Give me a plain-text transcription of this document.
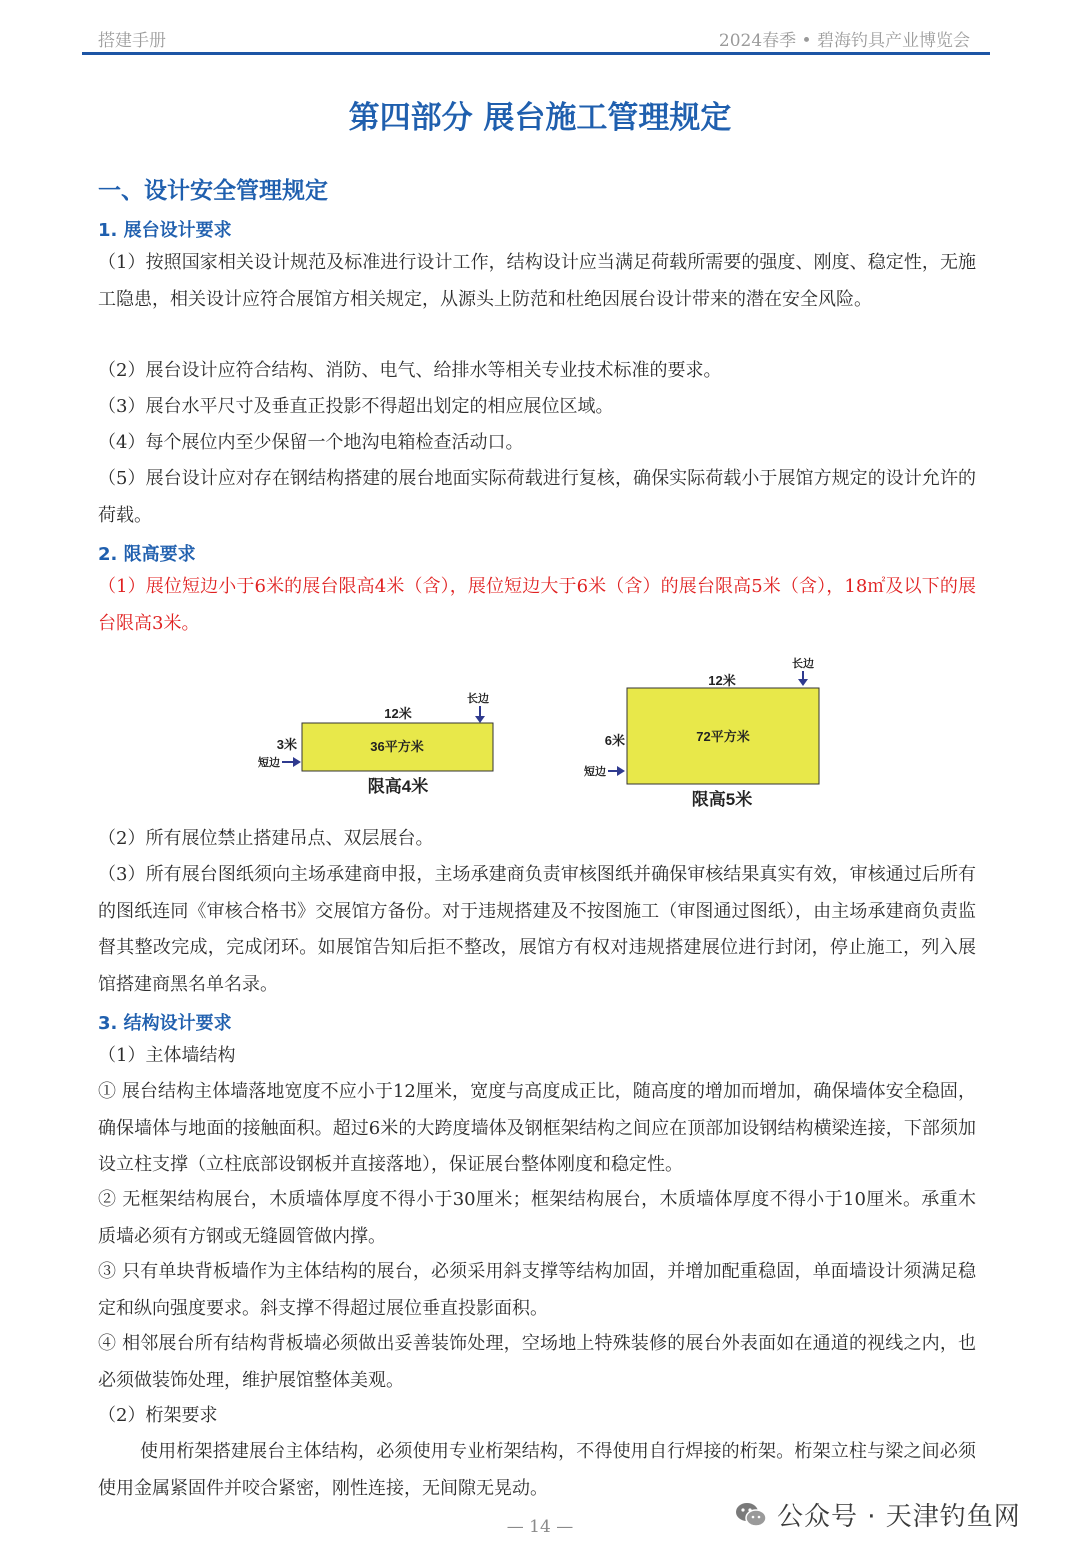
搭建手册	2024春季 • 碧海钓具产业博览会
第四部分 展台施工管理规定
一、设计安全管理规定
1. 展台设计要求

（1）按照国家相关设计规范及标准进行设计工作，结构设计应当满足荷载所需要的强度、刚度、稳定性，无施工隐患，相关设计应符合展馆方相关规定，从源头上防范和杜绝因展台设计带来的潜在安全风险。

（2）展台设计应符合结构、消防、电气、给排水等相关专业技术标准的要求。

（3）展台水平尺寸及垂直正投影不得超出划定的相应展位区域。

（4）每个展位内至少保留一个地沟电箱检查活动口。

（5）展台设计应对存在钢结构搭建的展台地面实际荷载进行复核，确保实际荷载小于展馆方规定的设计允许的荷载。

2. 限高要求

（1）展位短边小于6米的展台限高4米（含），展位短边大于6米（含）的展台限高5米（含），18㎡及以下的展台限高3米。

12米
长边
36平方米
3米
短边
限高4米
12米
长边
72平方米
6米
短边
限高5米

（2）所有展位禁止搭建吊点、双层展台。

（3）所有展台图纸须向主场承建商申报，主场承建商负责审核图纸并确保审核结果真实有效，审核通过后所有的图纸连同《审核合格书》交展馆方备份。对于违规搭建及不按图施工（审图通过图纸），由主场承建商负责监督其整改完成，完成闭环。如展馆告知后拒不整改，展馆方有权对违规搭建展位进行封闭，停止施工，列入展馆搭建商黑名单名录。

3. 结构设计要求

（1）主体墙结构

① 展台结构主体墙落地宽度不应小于12厘米，宽度与高度成正比，随高度的增加而增加，确保墙体安全稳固，确保墙体与地面的接触面积。超过6米的大跨度墙体及钢框架结构之间应在顶部加设钢结构横梁连接，下部须加设立柱支撑（立柱底部设钢板并直接落地），保证展台整体刚度和稳定性。

② 无框架结构展台，木质墙体厚度不得小于30厘米；框架结构展台，木质墙体厚度不得小于10厘米。承重木质墙必须有方钢或无缝圆管做内撑。

③ 只有单块背板墙作为主体结构的展台，必须采用斜支撑等结构加固，并增加配重稳固，单面墙设计须满足稳定和纵向强度要求。斜支撑不得超过展位垂直投影面积。

④ 相邻展台所有结构背板墙必须做出妥善装饰处理，空场地上特殊装修的展台外表面如在通道的视线之内，也必须做装饰处理，维护展馆整体美观。

（2）桁架要求

使用桁架搭建展台主体结构，必须使用专业桁架结构，不得使用自行焊接的桁架。桁架立柱与梁之间必须使用金属紧固件并咬合紧密，刚性连接，无间隙无晃动。

— 14 —	公众号 · 天津钓鱼网
